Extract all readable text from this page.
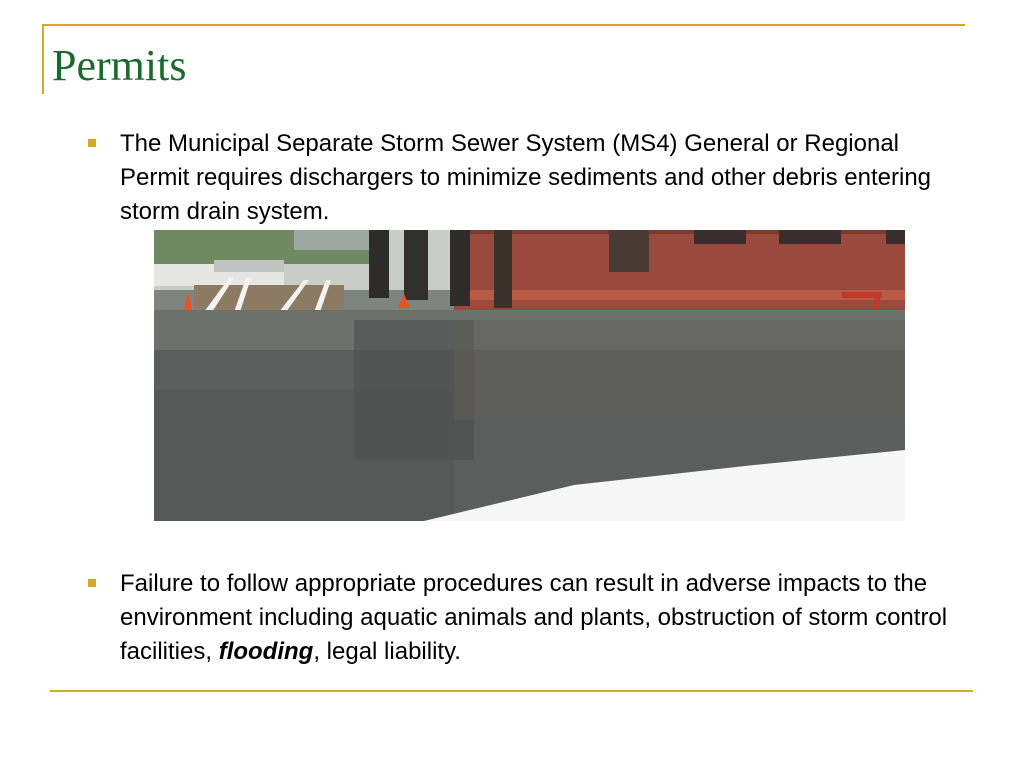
Permits
The Municipal Separate Storm Sewer System (MS4) General or Regional Permit requires dischargers to minimize sediments and other debris entering storm drain system.
Failure to follow appropriate procedures can result in adverse impacts to the environment including aquatic animals and plants, obstruction of storm control facilities, flooding, legal liability.
